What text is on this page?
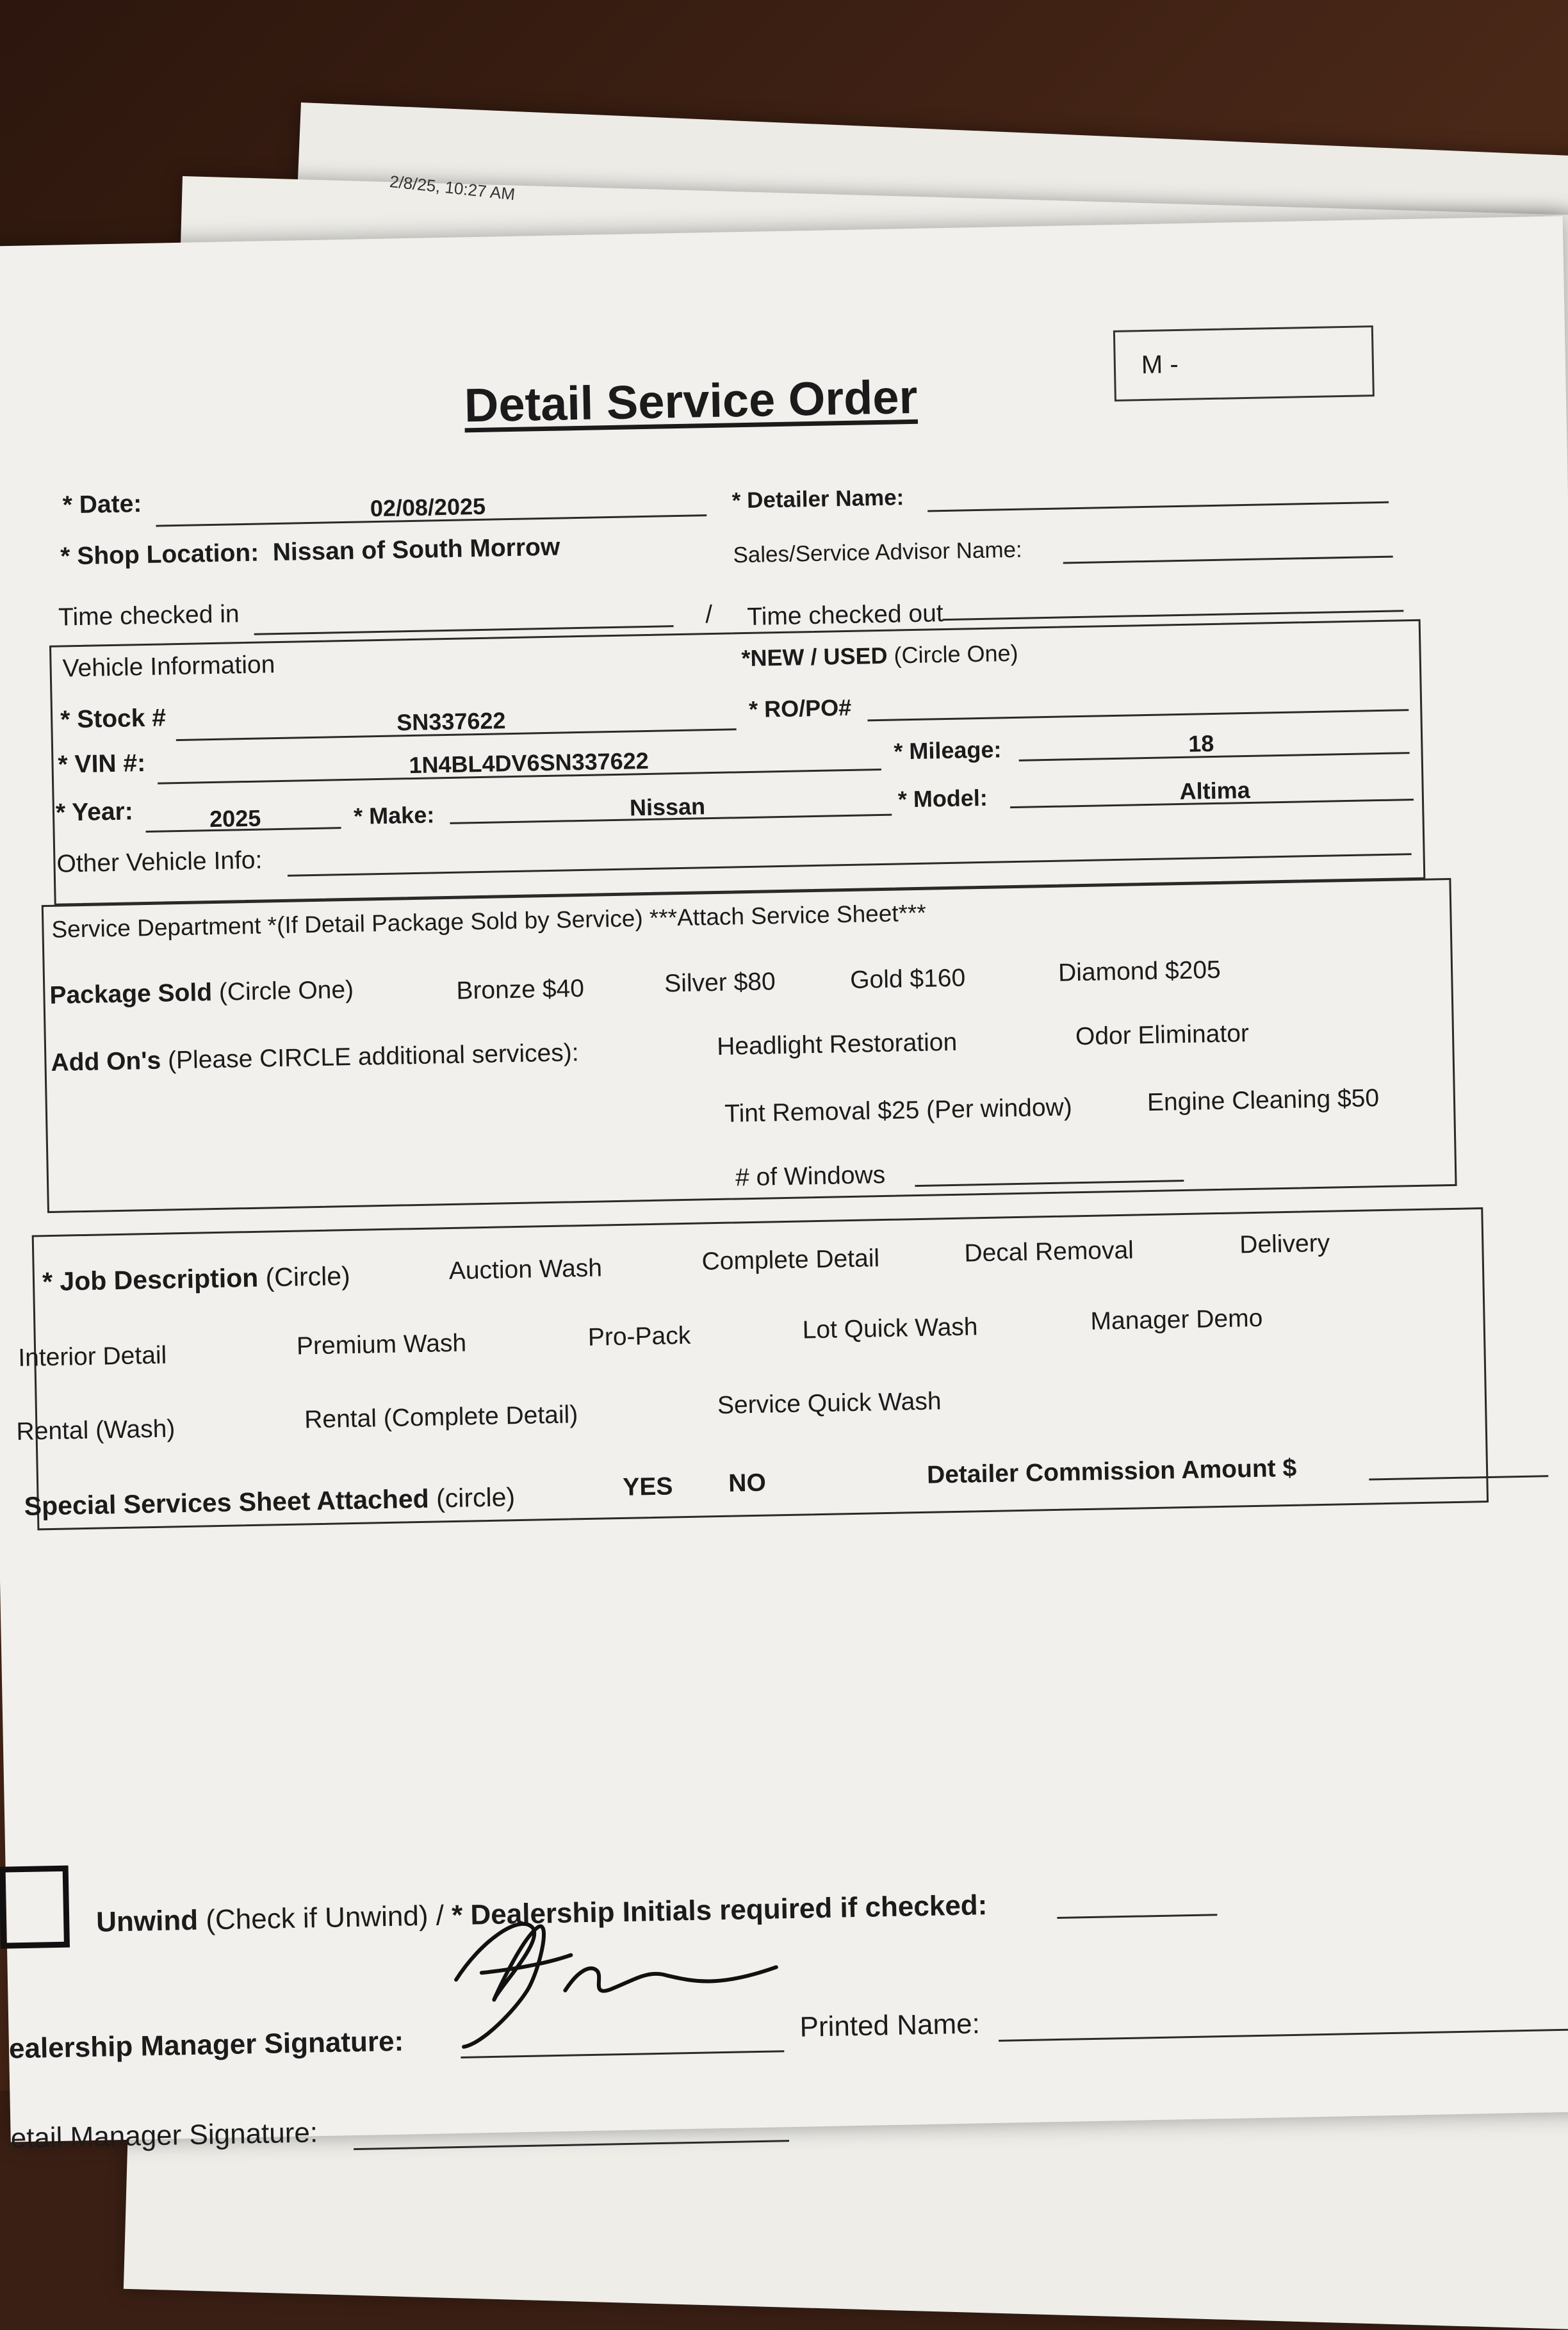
2/8/25, 10:27 AM
Detail Service Order
M -
* Date:	02/08/2025	* Detailer Name:
* Shop Location: Nissan of South Morrow	Sales/Service Advisor Name:
Time checked in	/ Time checked out
Vehicle Information	*NEW / USED (Circle One)
* Stock #	SN337622	* RO/PO#
* VIN #:	1N4BL4DV6SN337622	* Mileage:	18
* Year:	2025	* Make:	Nissan	* Model:	Altima
Other Vehicle Info:
Service Department *(If Detail Package Sold by Service) ***Attach Service Sheet***
Package Sold (Circle One)	Bronze $40	Silver $80	Gold $160	Diamond $205
Add On's (Please CIRCLE additional services):	Headlight Restoration	Odor Eliminator
Tint Removal $25 (Per window)	Engine Cleaning $50
# of Windows
* Job Description (Circle)	Auction Wash	Complete Detail	Decal Removal	Delivery
Interior Detail	Premium Wash	Pro-Pack	Lot Quick Wash	Manager Demo
Rental (Wash)	Rental (Complete Detail)	Service Quick Wash
Special Services Sheet Attached (circle)	YES NO	Detailer Commission Amount $
Unwind (Check if Unwind) / * Dealership Initials required if checked:
ealership Manager Signature:
Printed Name:
etail Manager Signature:
